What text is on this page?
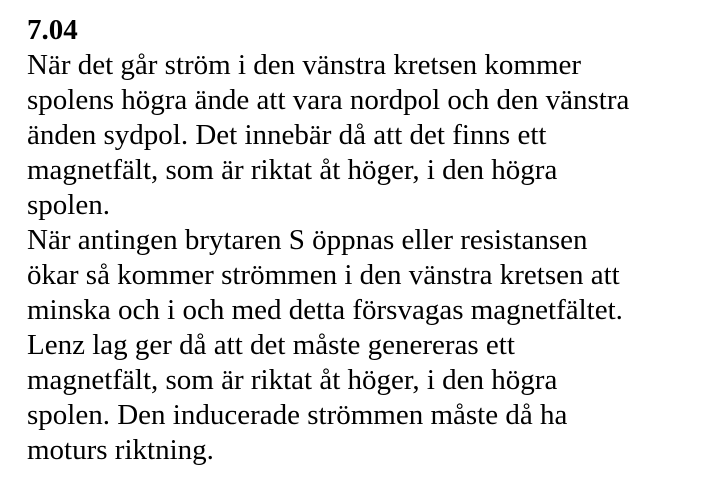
7.04
När det går ström i den vänstra kretsen kommer
spolens högra ände att vara nordpol och den vänstra
änden sydpol. Det innebär då att det finns ett
magnetfält, som är riktat åt höger, i den högra
spolen.
När antingen brytaren S öppnas eller resistansen
ökar så kommer strömmen i den vänstra kretsen att
minska och i och med detta försvagas magnetfältet.
Lenz lag ger då att det måste genereras ett
magnetfält, som är riktat åt höger, i den högra
spolen. Den inducerade strömmen måste då ha
moturs riktning.
